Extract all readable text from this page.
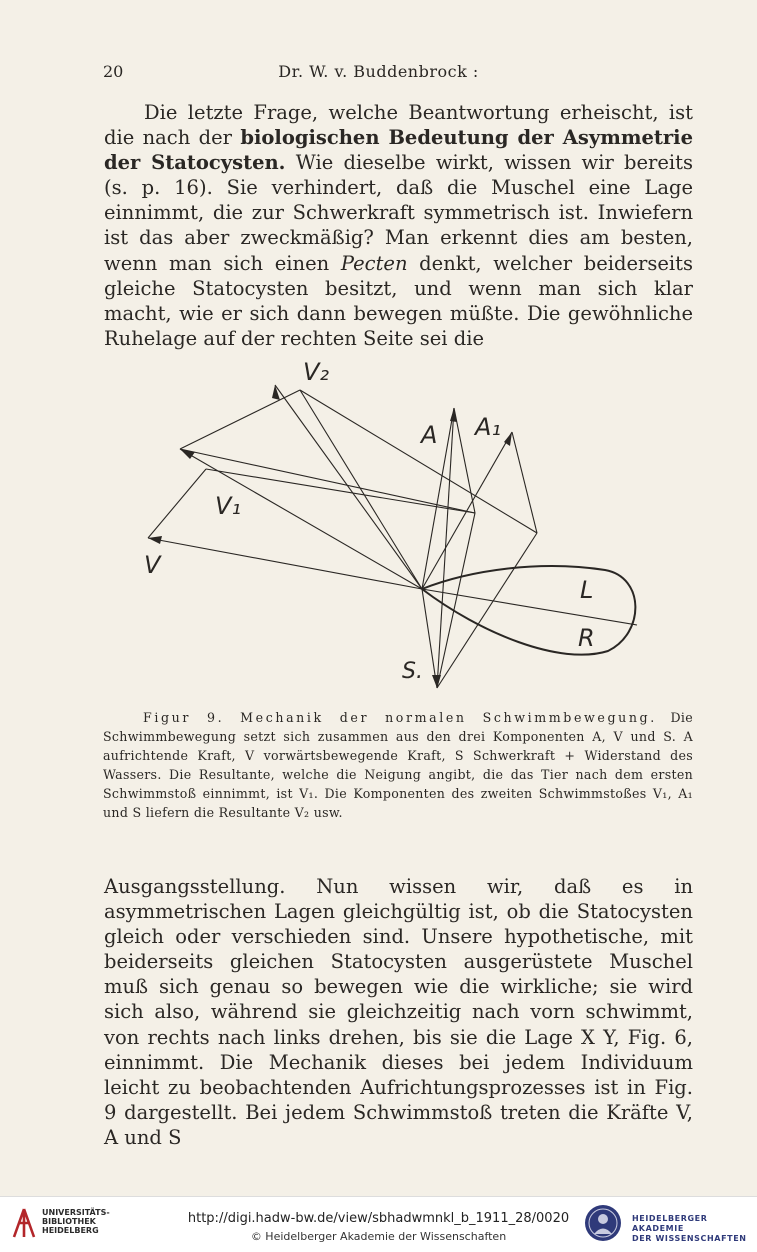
20	Dr. W. v. Buddenbrock :

Die letzte Frage, welche Beantwortung erheischt, ist die nach der biologischen Bedeutung der Asymmetrie der Statocysten. Wie dieselbe wirkt, wissen wir bereits (s. p. 16). Sie verhindert, daß die Muschel eine Lage einnimmt, die zur Schwerkraft symmetrisch ist. Inwiefern ist das aber zweckmäßig? Man erkennt dies am besten, wenn man sich einen Pecten denkt, welcher beiderseits gleiche Statocysten besitzt, und wenn man sich klar macht, wie er sich dann bewegen müßte. Die gewöhnliche Ruhelage auf der rechten Seite sei die

V₂
A A₁
V₁
V
L
R
S.

Figur 9. Mechanik der normalen Schwimmbewegung. Die Schwimmbewegung setzt sich zusammen aus den drei Komponenten A, V und S. A aufrichtende Kraft, V vorwärtsbewegende Kraft, S Schwerkraft + Widerstand des Wassers. Die Resultante, welche die Neigung angibt, die das Tier nach dem ersten Schwimmstoß einnimmt, ist V₁. Die Komponenten des zweiten Schwimmstoßes V₁, A₁ und S liefern die Resultante V₂ usw.

Ausgangsstellung. Nun wissen wir, daß es in asymmetrischen Lagen gleichgültig ist, ob die Statocysten gleich oder verschieden sind. Unsere hypothetische, mit beiderseits gleichen Statocysten ausgerüstete Muschel muß sich genau so bewegen wie die wirkliche; sie wird sich also, während sie gleichzeitig nach vorn schwimmt, von rechts nach links drehen, bis sie die Lage X Y, Fig. 6, einnimmt. Die Mechanik dieses bei jedem Individuum leicht zu beobachtenden Aufrichtungsprozesses ist in Fig. 9 dargestellt. Bei jedem Schwimmstoß treten die Kräfte V, A und S

UNIVERSITÄTS-
BIBLIOTHEK
HEIDELBERG
http://digi.hadw-bw.de/view/sbhadwmnkl_b_1911_28/0020
© Heidelberger Akademie der Wissenschaften
HEIDELBERGER AKADEMIE
DER WISSENSCHAFTEN
